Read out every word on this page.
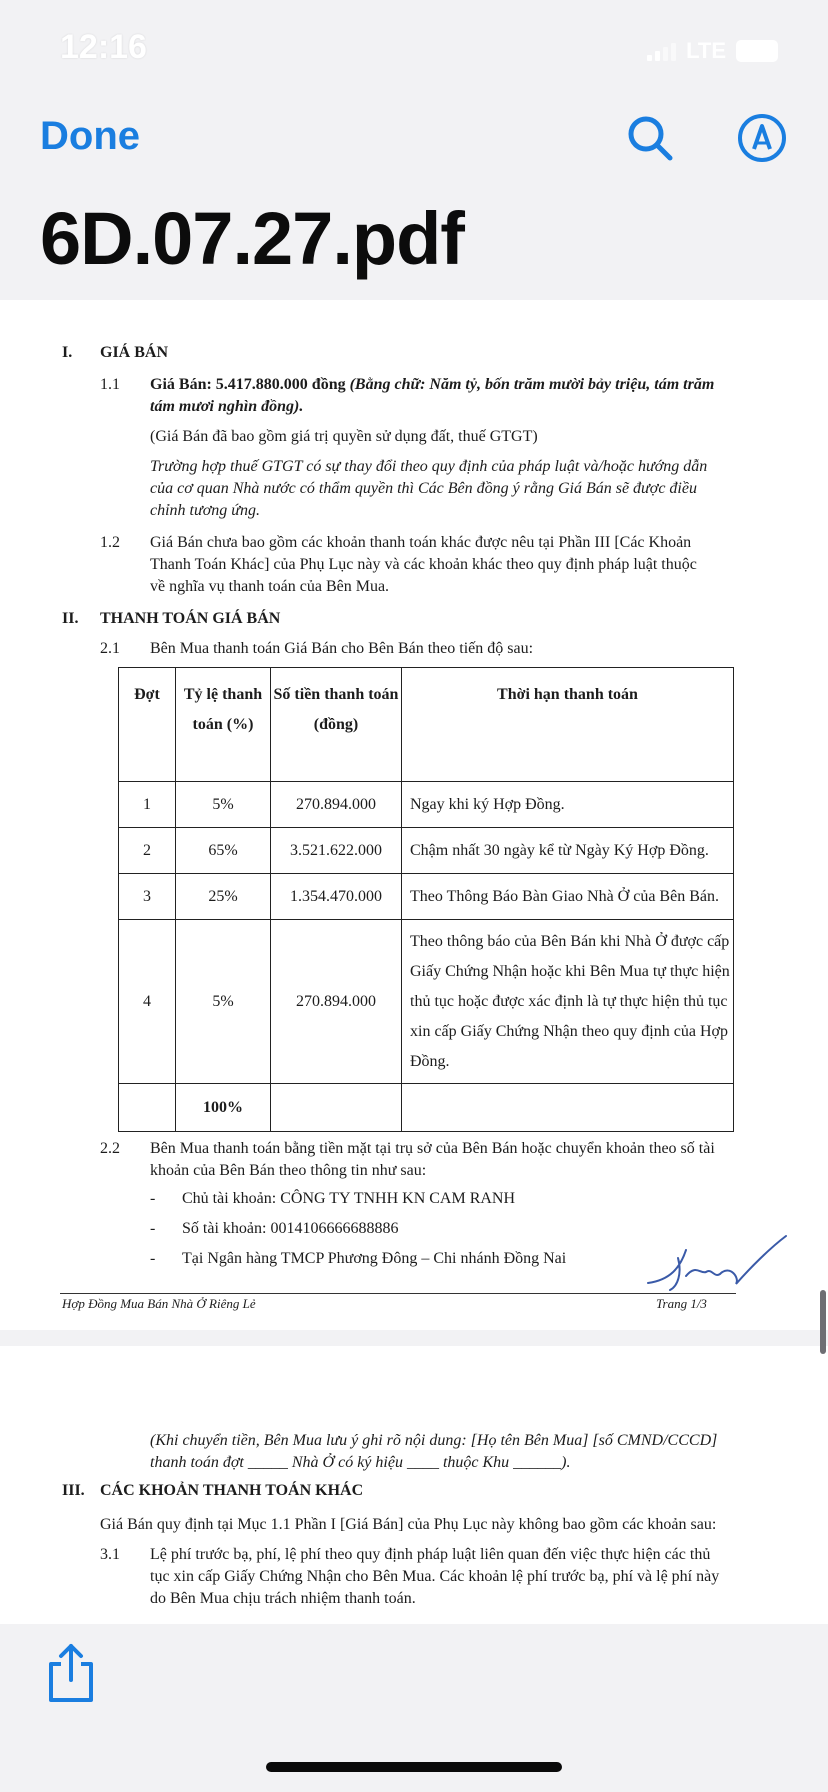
12:16	LTE
Done
6D.07.27.pdf
I. GIÁ BÁN
1.1 Giá Bán: 5.417.880.000 đồng (Bằng chữ: Năm tỷ, bốn trăm mười bảy triệu, tám trăm
tám mươi nghìn đồng).
(Giá Bán đã bao gồm giá trị quyền sử dụng đất, thuế GTGT)
Trường hợp thuế GTGT có sự thay đổi theo quy định của pháp luật và/hoặc hướng dẫn
của cơ quan Nhà nước có thẩm quyền thì Các Bên đồng ý rằng Giá Bán sẽ được điều
chỉnh tương ứng.
1.2 Giá Bán chưa bao gồm các khoản thanh toán khác được nêu tại Phần III [Các Khoản
Thanh Toán Khác] của Phụ Lục này và các khoản khác theo quy định pháp luật thuộc
về nghĩa vụ thanh toán của Bên Mua.
II. THANH TOÁN GIÁ BÁN
2.1 Bên Mua thanh toán Giá Bán cho Bên Bán theo tiến độ sau:
Đợt	Tỷ lệ thanh toán (%)	Số tiền thanh toán (đồng)	Thời hạn thanh toán
1	5%	270.894.000	Ngay khi ký Hợp Đồng.
2	65%	3.521.622.000	Chậm nhất 30 ngày kể từ Ngày Ký Hợp Đồng.
3	25%	1.354.470.000	Theo Thông Báo Bàn Giao Nhà Ở của Bên Bán.
4	5%	270.894.000	Theo thông báo của Bên Bán khi Nhà Ở được cấp Giấy Chứng Nhận hoặc khi Bên Mua tự thực hiện thủ tục hoặc được xác định là tự thực hiện thủ tục xin cấp Giấy Chứng Nhận theo quy định của Hợp Đồng.
	100%		
2.2 Bên Mua thanh toán bằng tiền mặt tại trụ sở của Bên Bán hoặc chuyển khoản theo số tài
khoản của Bên Bán theo thông tin như sau:
- Chủ tài khoản: CÔNG TY TNHH KN CAM RANH
- Số tài khoản: 0014106666688886
- Tại Ngân hàng TMCP Phương Đông – Chi nhánh Đồng Nai
Hợp Đồng Mua Bán Nhà Ở Riêng Lẻ	Trang 1/3
(Khi chuyển tiền, Bên Mua lưu ý ghi rõ nội dung: [Họ tên Bên Mua] [số CMND/CCCD]
thanh toán đợt _____ Nhà Ở có ký hiệu ____ thuộc Khu ______).
III. CÁC KHOẢN THANH TOÁN KHÁC
Giá Bán quy định tại Mục 1.1 Phần I [Giá Bán] của Phụ Lục này không bao gồm các khoản sau:
3.1 Lệ phí trước bạ, phí, lệ phí theo quy định pháp luật liên quan đến việc thực hiện các thủ
tục xin cấp Giấy Chứng Nhận cho Bên Mua. Các khoản lệ phí trước bạ, phí và lệ phí này
do Bên Mua chịu trách nhiệm thanh toán.
